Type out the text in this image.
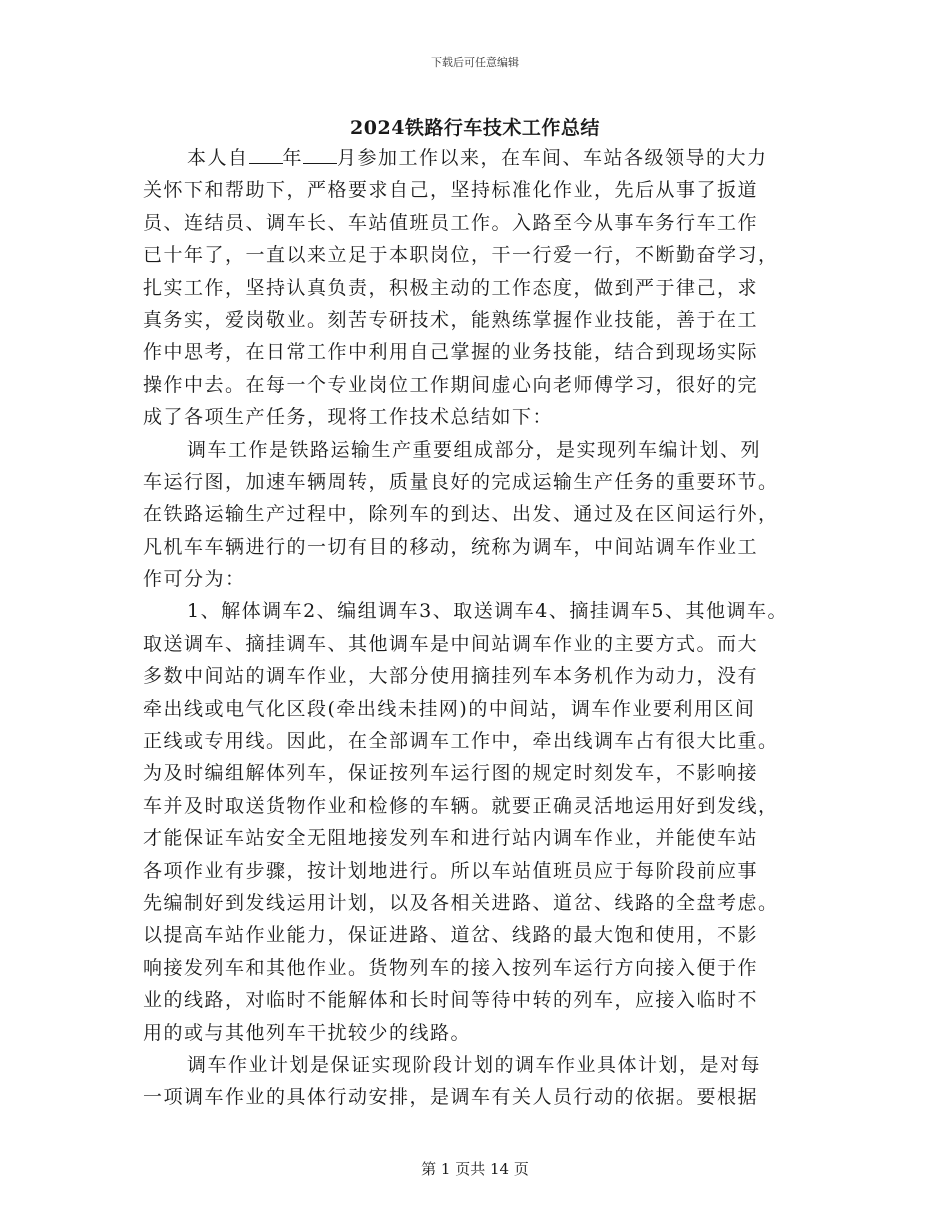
下载后可任意编辑
2024铁路行车技术工作总结
本人自 年 月参加工作以来，在车间、车站各级领导的大力
关怀下和帮助下，严格要求自己，坚持标准化作业，先后从事了扳道
员、连结员、调车长、车站值班员工作。入路至今从事车务行车工作
已十年了，一直以来立足于本职岗位，干一行爱一行，不断勤奋学习，
扎实工作，坚持认真负责，积极主动的工作态度，做到严于律己，求
真务实，爱岗敬业。刻苦专研技术，能熟练掌握作业技能，善于在工
作中思考，在日常工作中利用自己掌握的业务技能，结合到现场实际
操作中去。在每一个专业岗位工作期间虚心向老师傅学习，很好的完
成了各项生产任务，现将工作技术总结如下：
调车工作是铁路运输生产重要组成部分，是实现列车编计划、列
车运行图，加速车辆周转，质量良好的完成运输生产任务的重要环节。
在铁路运输生产过程中，除列车的到达、出发、通过及在区间运行外，
凡机车车辆进行的一切有目的移动，统称为调车，中间站调车作业工
作可分为：
1、解体调车2、编组调车3、取送调车4、摘挂调车5、其他调车。
取送调车、摘挂调车、其他调车是中间站调车作业的主要方式。而大
多数中间站的调车作业，大部分使用摘挂列车本务机作为动力，没有
牵出线或电气化区段(牵出线未挂网)的中间站，调车作业要利用区间
正线或专用线。因此，在全部调车工作中，牵出线调车占有很大比重。
为及时编组解体列车，保证按列车运行图的规定时刻发车，不影响接
车并及时取送货物作业和检修的车辆。就要正确灵活地运用好到发线，
才能保证车站安全无阻地接发列车和进行站内调车作业，并能使车站
各项作业有步骤，按计划地进行。所以车站值班员应于每阶段前应事
先编制好到发线运用计划，以及各相关进路、道岔、线路的全盘考虑。
以提高车站作业能力，保证进路、道岔、线路的最大饱和使用，不影
响接发列车和其他作业。货物列车的接入按列车运行方向接入便于作
业的线路，对临时不能解体和长时间等待中转的列车，应接入临时不
用的或与其他列车干扰较少的线路。
调车作业计划是保证实现阶段计划的调车作业具体计划，是对每
一项调车作业的具体行动安排，是调车有关人员行动的依据。要根据
第 1 页共 14 页
